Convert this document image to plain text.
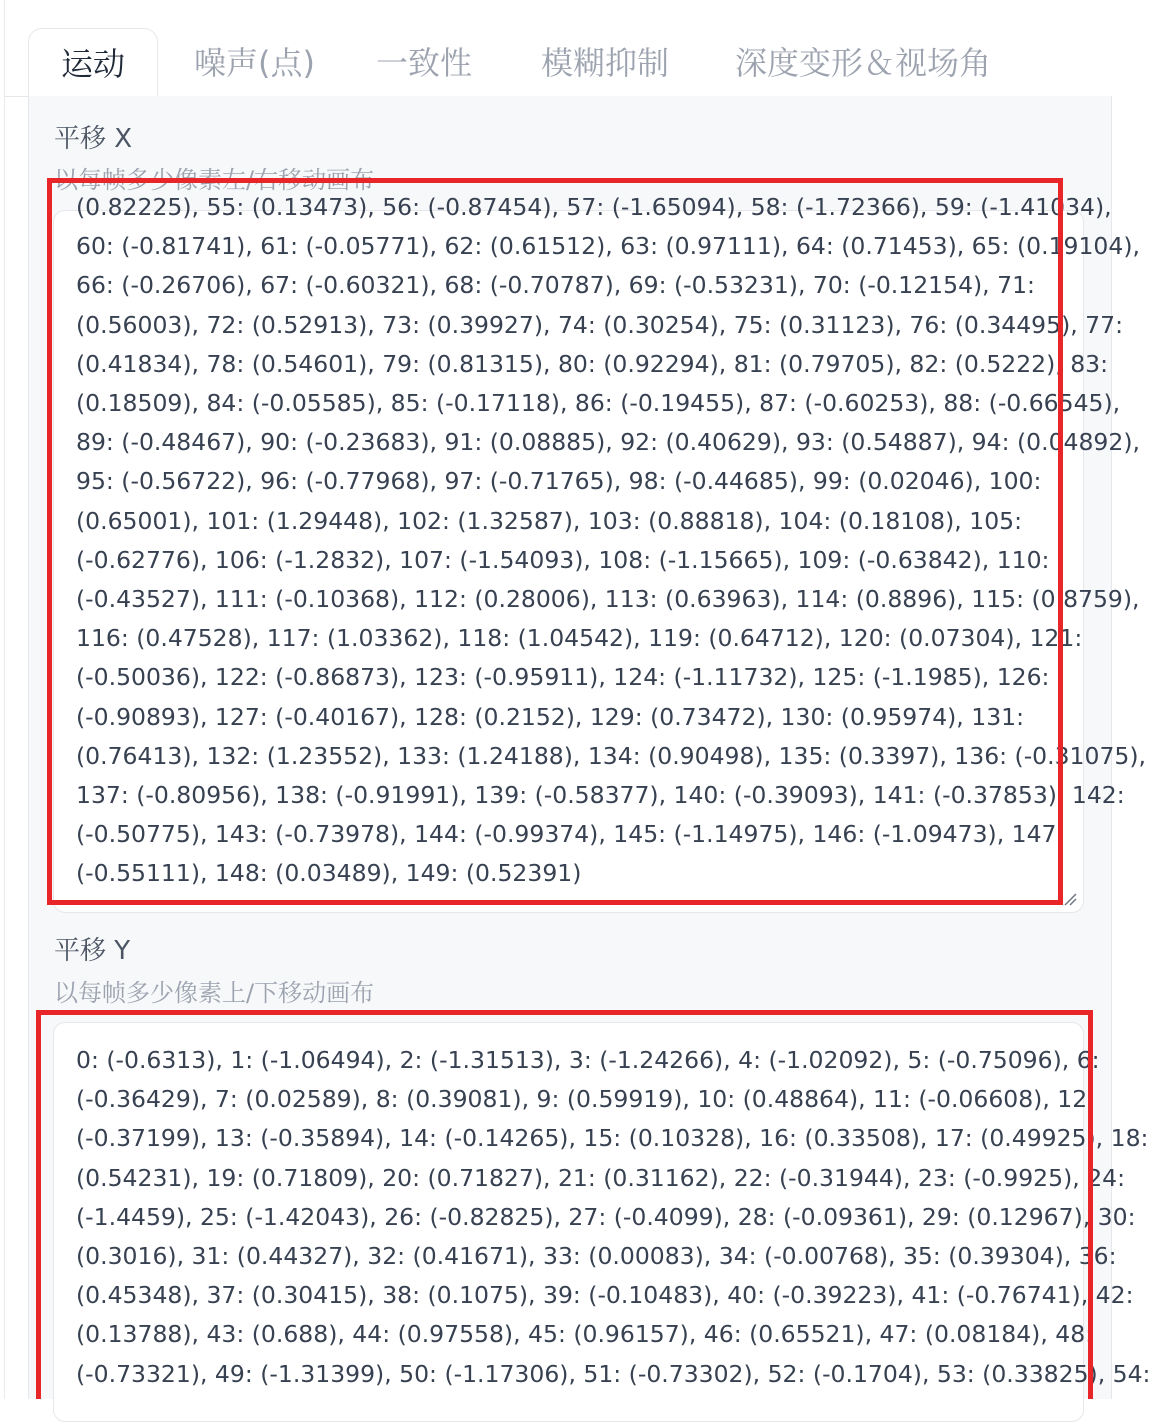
运动	噪声(点) 一致性 模糊抑制 深度变形＆视场角
平移 X
以每帧多少像素左/右移动画布
(0.82225), 55: (0.13473), 56: (-0.87454), 57: (-1.65094), 58: (-1.72366), 59: (-1.41034),
60: (-0.81741), 61: (-0.05771), 62: (0.61512), 63: (0.97111), 64: (0.71453), 65: (0.19104),
66: (-0.26706), 67: (-0.60321), 68: (-0.70787), 69: (-0.53231), 70: (-0.12154), 71:
(0.56003), 72: (0.52913), 73: (0.39927), 74: (0.30254), 75: (0.31123), 76: (0.34495), 77:
(0.41834), 78: (0.54601), 79: (0.81315), 80: (0.92294), 81: (0.79705), 82: (0.5222), 83:
(0.18509), 84: (-0.05585), 85: (-0.17118), 86: (-0.19455), 87: (-0.60253), 88: (-0.66545),
89: (-0.48467), 90: (-0.23683), 91: (0.08885), 92: (0.40629), 93: (0.54887), 94: (0.04892),
95: (-0.56722), 96: (-0.77968), 97: (-0.71765), 98: (-0.44685), 99: (0.02046), 100:
(0.65001), 101: (1.29448), 102: (1.32587), 103: (0.88818), 104: (0.18108), 105:
(-0.62776), 106: (-1.2832), 107: (-1.54093), 108: (-1.15665), 109: (-0.63842), 110:
(-0.43527), 111: (-0.10368), 112: (0.28006), 113: (0.63963), 114: (0.8896), 115: (0.8759),
116: (0.47528), 117: (1.03362), 118: (1.04542), 119: (0.64712), 120: (0.07304), 121:
(-0.50036), 122: (-0.86873), 123: (-0.95911), 124: (-1.11732), 125: (-1.1985), 126:
(-0.90893), 127: (-0.40167), 128: (0.2152), 129: (0.73472), 130: (0.95974), 131:
(0.76413), 132: (1.23552), 133: (1.24188), 134: (0.90498), 135: (0.3397), 136: (-0.31075),
137: (-0.80956), 138: (-0.91991), 139: (-0.58377), 140: (-0.39093), 141: (-0.37853), 142:
(-0.50775), 143: (-0.73978), 144: (-0.99374), 145: (-1.14975), 146: (-1.09473), 147:
(-0.55111), 148: (0.03489), 149: (0.52391)
平移 Y
以每帧多少像素上/下移动画布
0: (-0.6313), 1: (-1.06494), 2: (-1.31513), 3: (-1.24266), 4: (-1.02092), 5: (-0.75096), 6:
(-0.36429), 7: (0.02589), 8: (0.39081), 9: (0.59919), 10: (0.48864), 11: (-0.06608), 12:
(-0.37199), 13: (-0.35894), 14: (-0.14265), 15: (0.10328), 16: (0.33508), 17: (0.49925), 18:
(0.54231), 19: (0.71809), 20: (0.71827), 21: (0.31162), 22: (-0.31944), 23: (-0.9925), 24:
(-1.4459), 25: (-1.42043), 26: (-0.82825), 27: (-0.4099), 28: (-0.09361), 29: (0.12967), 30:
(0.3016), 31: (0.44327), 32: (0.41671), 33: (0.00083), 34: (-0.00768), 35: (0.39304), 36:
(0.45348), 37: (0.30415), 38: (0.1075), 39: (-0.10483), 40: (-0.39223), 41: (-0.76741), 42:
(0.13788), 43: (0.688), 44: (0.97558), 45: (0.96157), 46: (0.65521), 47: (0.08184), 48:
(-0.73321), 49: (-1.31399), 50: (-1.17306), 51: (-0.73302), 52: (-0.1704), 53: (0.33825), 54:
